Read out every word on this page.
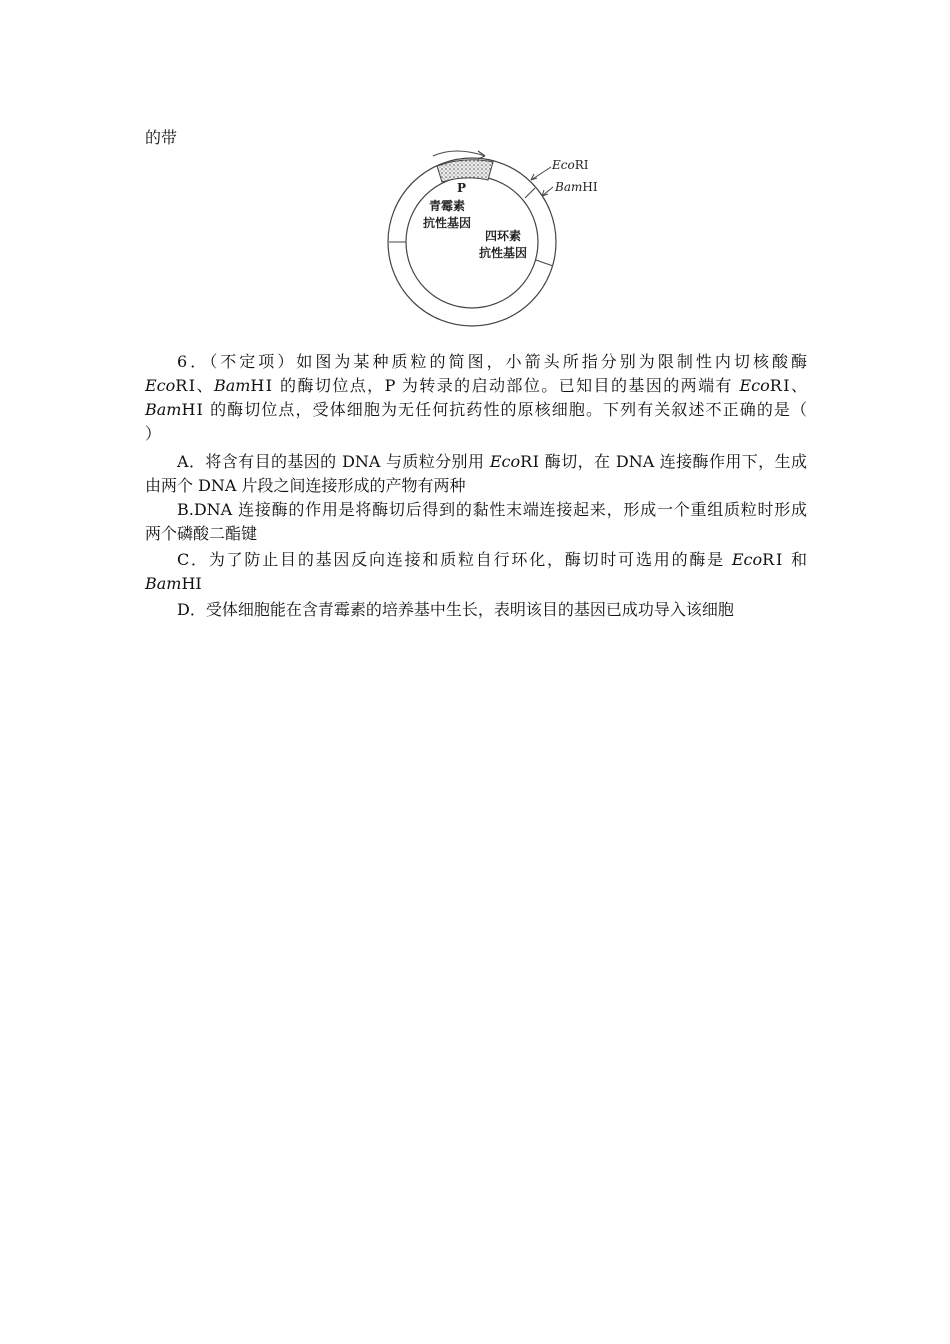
的带
EcoRⅠ
BamHⅠ
P
青霉素
抗性基因
四环素
抗性基因
6．（不定项）如图为某种质粒的简图，小箭头所指分别为限制性内切核酸酶
EcoRⅠ、BamHⅠ 的酶切位点，P 为转录的启动部位。已知目的基因的两端有 EcoRⅠ、
BamHⅠ 的酶切位点，受体细胞为无任何抗药性的原核细胞。下列有关叙述不正确的是（
）
A．将含有目的基因的 DNA 与质粒分别用 EcoRⅠ 酶切，在 DNA 连接酶作用下，生成
由两个 DNA 片段之间连接形成的产物有两种
B.DNA 连接酶的作用是将酶切后得到的黏性末端连接起来，形成一个重组质粒时形成
两个磷酸二酯键
C．为了防止目的基因反向连接和质粒自行环化，酶切时可选用的酶是 EcoRⅠ 和
BamHⅠ
D．受体细胞能在含青霉素的培养基中生长，表明该目的基因已成功导入该细胞
